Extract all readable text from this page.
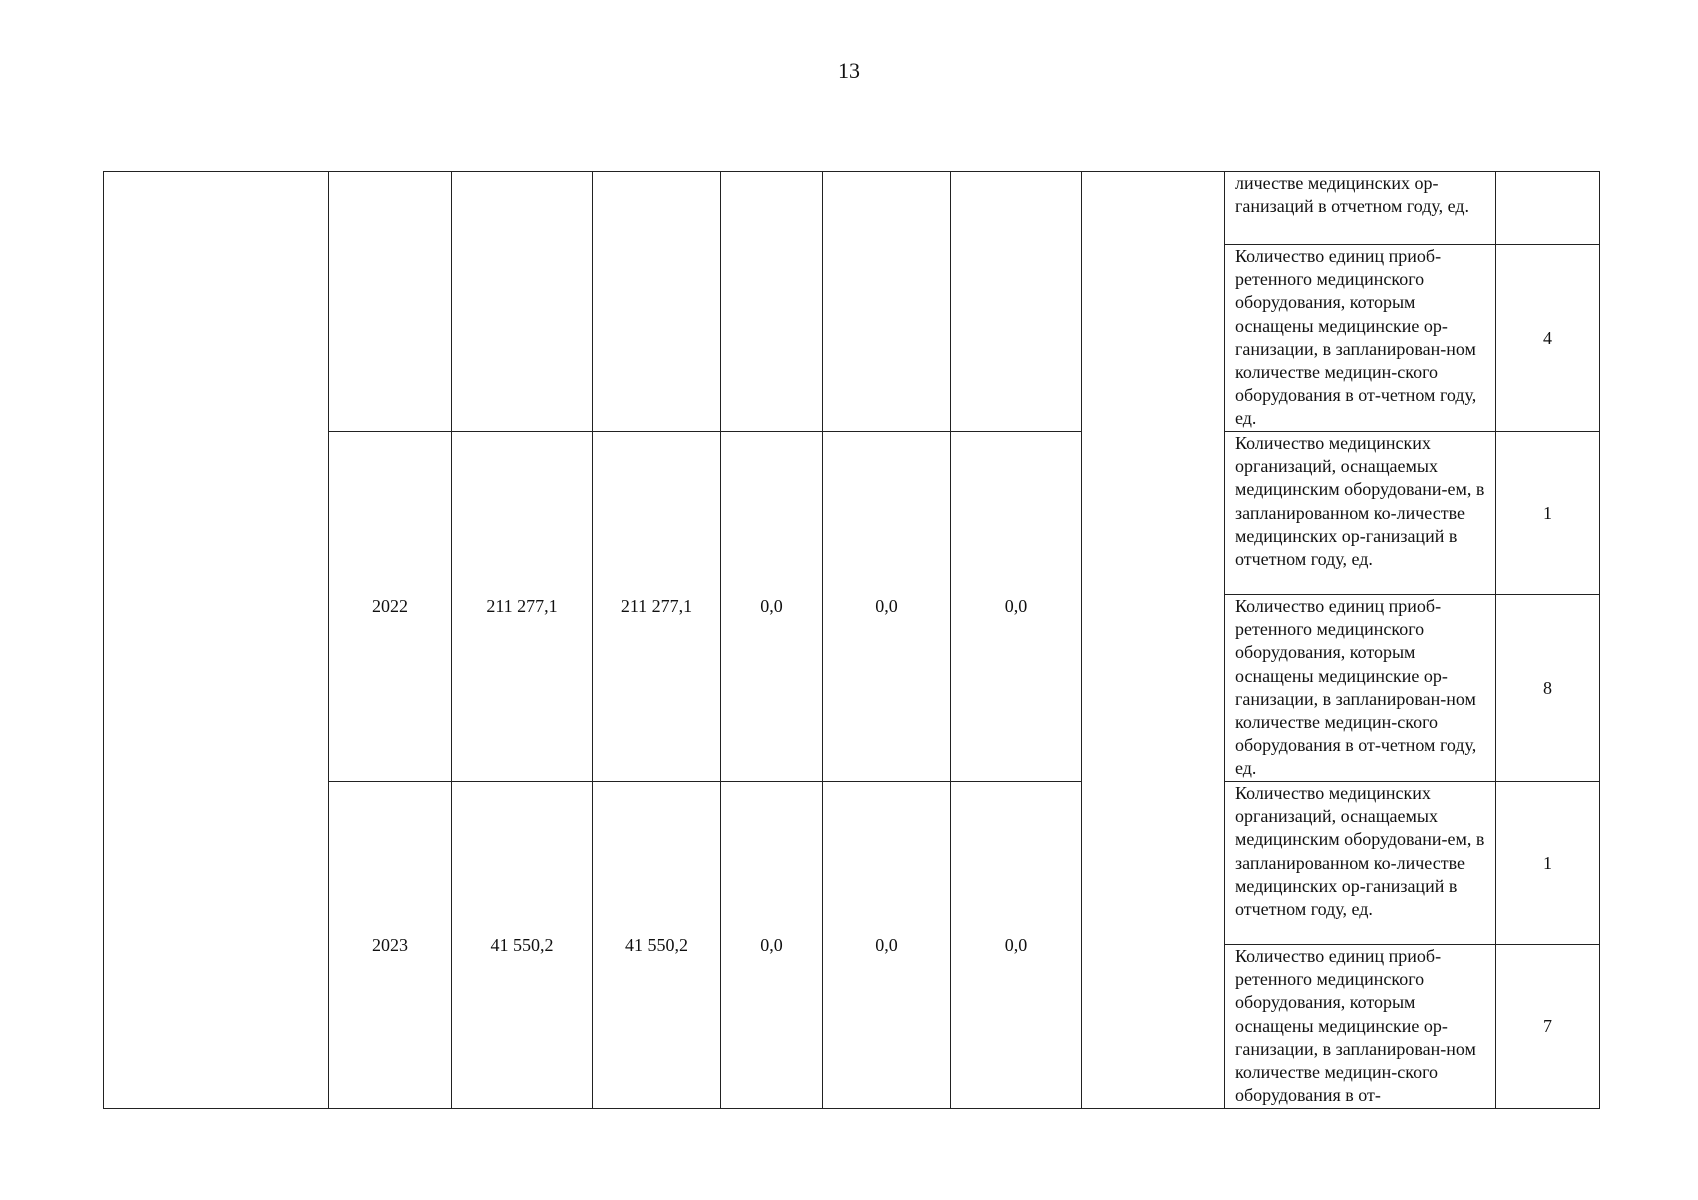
13
								личестве медицинских ор-ганизаций в отчетном году, ед.	
								Количество единиц приоб-ретенного медицинского оборудования, которым оснащены медицинские ор-ганизации, в запланирован-ном количестве медицин-ского оборудования в от-четном году, ед.	4
	2022	211 277,1	211 277,1	0,0	0,0	0,0		Количество медицинских организаций, оснащаемых медицинским оборудовани-ем, в запланированном ко-личестве медицинских ор-ганизаций в отчетном году, ед.	1
								Количество единиц приоб-ретенного медицинского оборудования, которым оснащены медицинские ор-ганизации, в запланирован-ном количестве медицин-ского оборудования в от-четном году, ед.	8
	2023	41 550,2	41 550,2	0,0	0,0	0,0		Количество медицинских организаций, оснащаемых медицинским оборудовани-ем, в запланированном ко-личестве медицинских ор-ганизаций в отчетном году, ед.	1
								Количество единиц приоб-ретенного медицинского оборудования, которым оснащены медицинские ор-ганизации, в запланирован-ном количестве медицин-ского оборудования в от-	7
